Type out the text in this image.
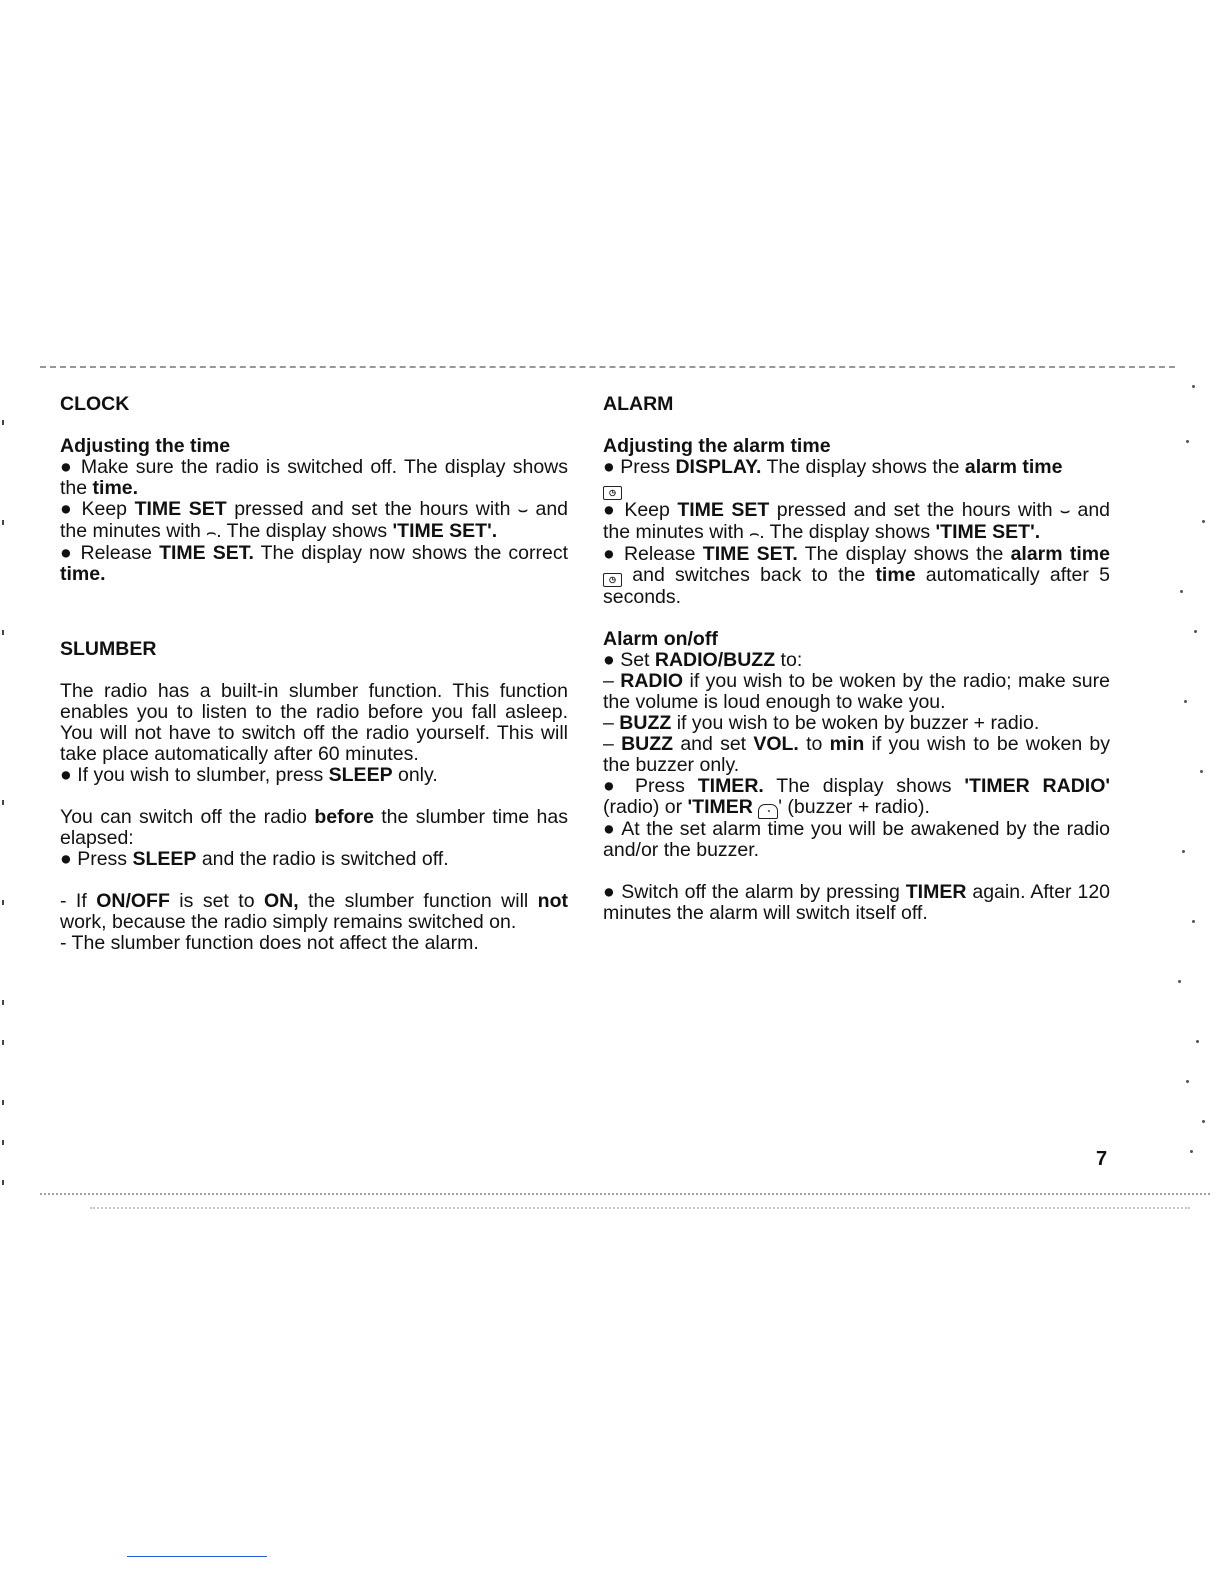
CLOCK
Adjusting the time

● Make sure the radio is switched off. The display shows the time.

● Keep TIME SET pressed and set the hours with ⌣ and the minutes with ⌢. The display shows 'TIME SET'.

● Release TIME SET. The display now shows the correct time.

SLUMBER

The radio has a built-in slumber function. This function enables you to listen to the radio before you fall asleep. You will not have to switch off the radio yourself. This will take place automatically after 60 minutes.

● If you wish to slumber, press SLEEP only.

You can switch off the radio before the slumber time has elapsed:

● Press SLEEP and the radio is switched off.

- If ON/OFF is set to ON, the slumber function will not work, because the radio simply remains switched on.

- The slumber function does not affect the alarm.

ALARM
Adjusting the alarm time

● Press DISPLAY. The display shows the alarm time
◷

● Keep TIME SET pressed and set the hours with ⌣ and the minutes with ⌢. The display shows 'TIME SET'.

● Release TIME SET. The display shows the alarm time ◷ and switches back to the time automatically after 5 seconds.

Alarm on/off

● Set RADIO/BUZZ to:

– RADIO if you wish to be woken by the radio; make sure the volume is loud enough to wake you.

– BUZZ if you wish to be woken by buzzer + radio.

– BUZZ and set VOL. to min if you wish to be woken by the buzzer only.

● Press TIMER. The display shows 'TIMER RADIO' (radio) or 'TIMER ◔ ' (buzzer + radio).

● At the set alarm time you will be awakened by the radio and/or the buzzer.

● Switch off the alarm by pressing TIMER again. After 120 minutes the alarm will switch itself off.

7
